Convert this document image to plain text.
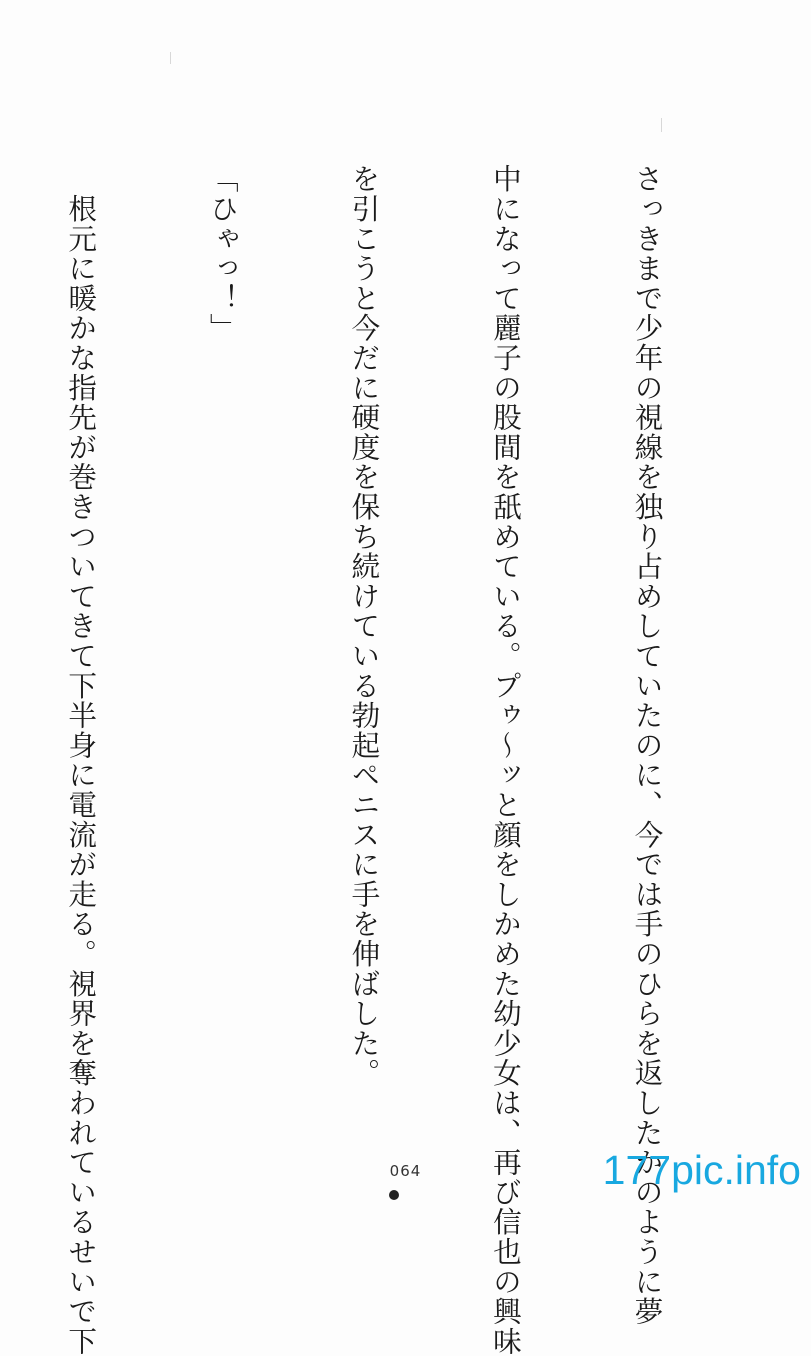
さっきまで少年の視線を独り占めしていたのに、今では手のひらを返したかのように夢

中になって麗子の股間を舐めている。プゥ～ッと顔をしかめた幼少女は、再び信也の興味

を引こうと今だに硬度を保ち続けている勃起ペニスに手を伸ばした。

「ひゃっ！」

　根元に暖かな指先が巻きついてきて下半身に電流が走る。視界を奪われているせいで下

	064	177pic.info
